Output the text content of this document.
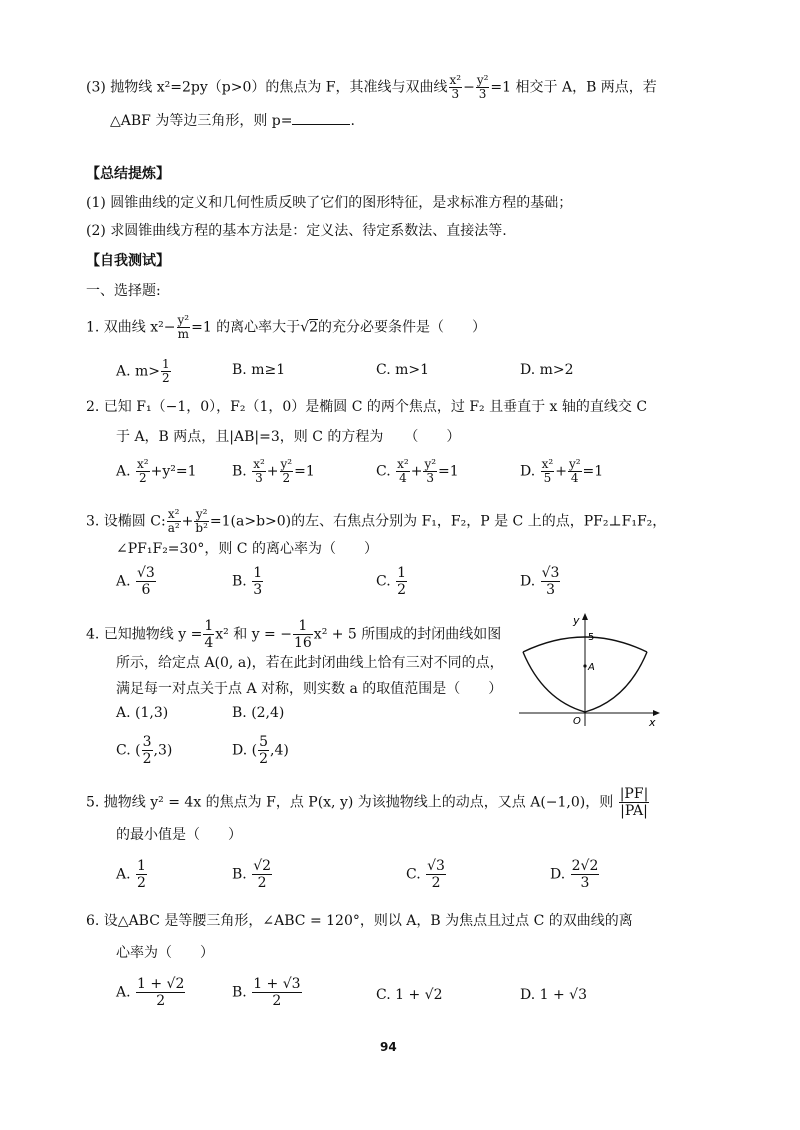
(3) 抛物线 x²=2py（p>0）的焦点为 F，其准线与双曲线 $\frac{\text{x²}}{3} - \frac{\text{y²}}{3} =1$ 相交于 A，B 两点，若
△ABF 为等边三角形，则 p=	.
【总结提炼】
(1) 圆锥曲线的定义和几何性质反映了它们的图形特征，是求标准方程的基础；
(2) 求圆锥曲线方程的基本方法是：定义法、待定系数法、直接法等.
【自我测试】
一、选择题:
1. 双曲线 $x^2- \frac{\text{y²}}{m} =1$ 的离心率大于√2的充分必要条件是（　　）
A. $m> \frac{1}{2}$	B. m≥1	C. m>1	D. m>2
2. 已知 F₁（−1，0），F₂（1，0）是椭圆 C 的两个焦点，过 F₂ 且垂直于 x 轴的直线交 C
于 A，B 两点，且|AB|=3，则 C 的方程为　　（　　）
A. $\frac{\text{x²}}{2} +y^2=1$	B. $\frac{\text{x²}}{3} + \frac{\text{y²}}{2} =1$	C. $\frac{\text{x²}}{4} + \frac{\text{y²}}{3} =1$	D. $\frac{\text{x²}}{5} + \frac{\text{y²}}{4} =1$
3. 设椭圆 C: $\frac{\text{x²}}{\text{a²}} + \frac{\text{y²}}{\text{b²}} =1(a>b>0)$的左、右焦点分别为 F₁，F₂，P 是 C 上的点，PF₂⊥F₁F₂，
∠PF₁F₂=30°，则 C 的离心率为（　　）
A. $\frac{√3}{6}$	B. $\frac{1}{3}$	C. $\frac{1}{2}$	D. $\frac{√3}{3}$
4. 已知抛物线 $y = \frac{1}{4} x^2$ 和 y = − $\frac{1}{16} x^2 + 5$ 所围成的封闭曲线如图
所示，给定点 A(0, a)，若在此封闭曲线上恰有三对不同的点，
满足每一对点关于点 A 对称，则实数 a 的取值范围是（　　）
A. (1,3)	B. (2,4)
C. ( $\frac{3}{2} ,3$)	D. ( $\frac{5}{2} ,4$)
y
x
O
5
A
5. 抛物线 y² = 4x 的焦点为 F，点 P(x, y) 为该抛物线上的动点，又点 A(−1,0)，则 $\frac{|PF|}{|PA|}$
的最小值是（　　）
A. $\frac{1}{2}$	B. $\frac{√2}{2}$	C. $\frac{√3}{2}$	D. $\frac{2√2}{3}$
6. 设△ABC 是等腰三角形，∠ABC = 120°，则以 A，B 为焦点且过点 C 的双曲线的离
心率为（　　）
A. $\frac{1 + √2}{2}$	B. $\frac{1 + √3}{2}$	C. 1 + √2	D. 1 + √3
94
